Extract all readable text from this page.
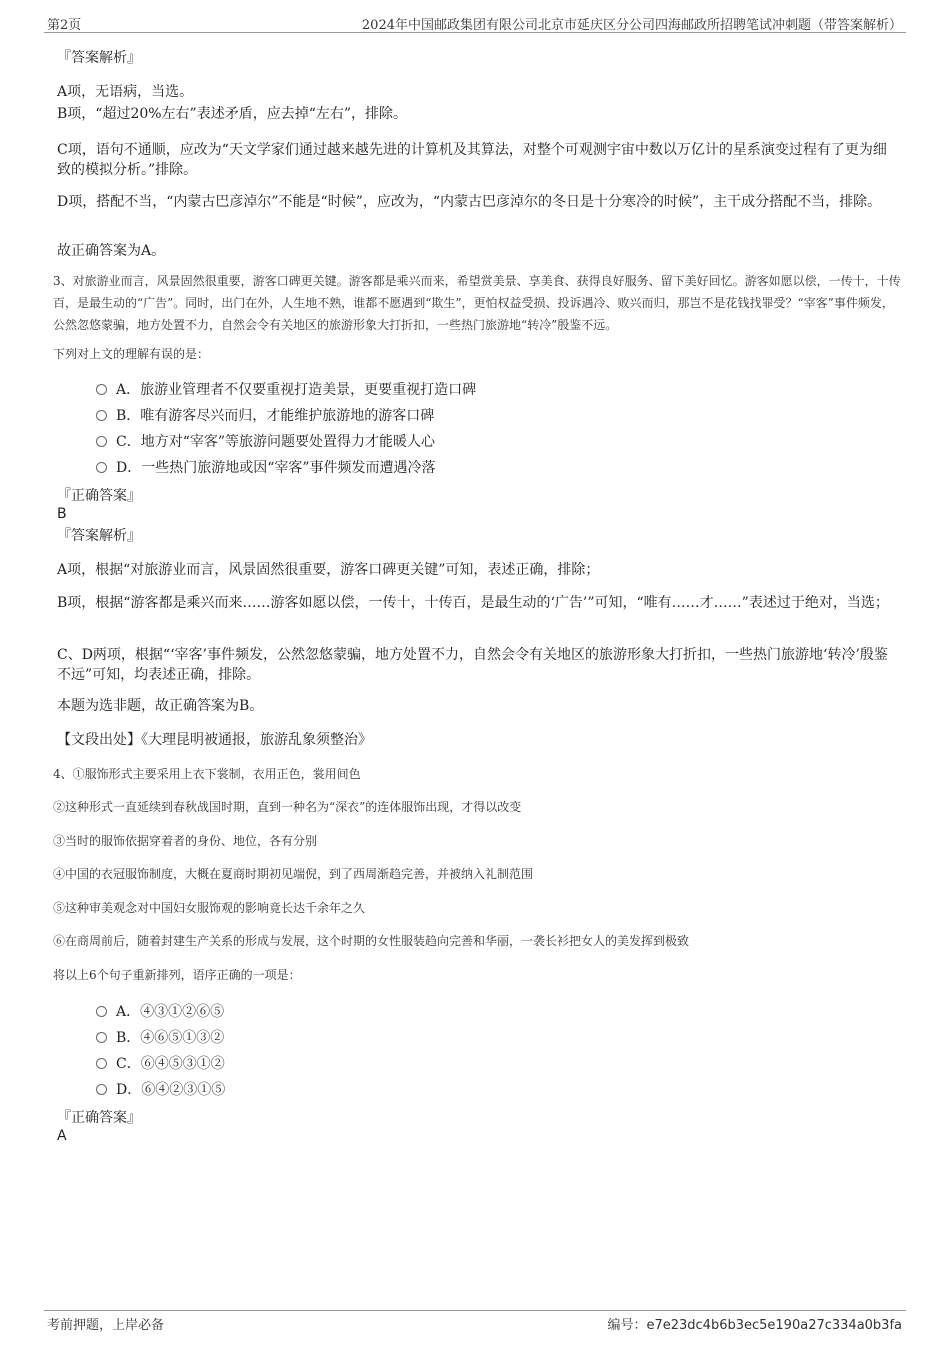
第2页	2024年中国邮政集团有限公司北京市延庆区分公司四海邮政所招聘笔试冲刺题（带答案解析）
『答案解析』
A项，无语病，当选。
B项，“超过20%左右”表述矛盾，应去掉“左右”，排除。
C项，语句不通顺，应改为“天文学家们通过越来越先进的计算机及其算法，对整个可观测宇宙中数以万亿计的星系演变过程有了更为细致的模拟分析。”排除。
D项，搭配不当，“内蒙古巴彦淖尔”不能是“时候”，应改为，“内蒙古巴彦淖尔的冬日是十分寒冷的时候”，主干成分搭配不当，排除。
故正确答案为A。
3、对旅游业而言，风景固然很重要，游客口碑更关键。游客都是乘兴而来，希望赏美景、享美食、获得良好服务、留下美好回忆。游客如愿以偿，一传十，十传百，是最生动的“广告”。同时，出门在外，人生地不熟，谁都不愿遇到“欺生”，更怕权益受损、投诉遇冷、败兴而归，那岂不是花钱找罪受？“宰客”事件频发，公然忽悠蒙骗，地方处置不力，自然会令有关地区的旅游形象大打折扣，一些热门旅游地“转冷”殷鉴不远。
下列对上文的理解有误的是：
A．旅游业管理者不仅要重视打造美景，更要重视打造口碑
B．唯有游客尽兴而归，才能维护旅游地的游客口碑
C．地方对“宰客”等旅游问题要处置得力才能暖人心
D．一些热门旅游地或因“宰客”事件频发而遭遇冷落
『正确答案』
B
『答案解析』
A项，根据“对旅游业而言，风景固然很重要，游客口碑更关键”可知，表述正确，排除；
B项，根据“游客都是乘兴而来……游客如愿以偿，一传十，十传百，是最生动的‘广告’”可知，“唯有……才……”表述过于绝对，当选；
C、D两项，根据“‘宰客’事件频发，公然忽悠蒙骗，地方处置不力，自然会令有关地区的旅游形象大打折扣，一些热门旅游地‘转冷’殷鉴不远”可知，均表述正确，排除。
本题为选非题，故正确答案为B。
【文段出处】《大理昆明被通报，旅游乱象须整治》
4、①服饰形式主要采用上衣下裳制，衣用正色，裳用间色
②这种形式一直延续到春秋战国时期，直到一种名为“深衣”的连体服饰出现，才得以改变
③当时的服饰依据穿着者的身份、地位，各有分别
④中国的衣冠服饰制度，大概在夏商时期初见端倪，到了西周渐趋完善，并被纳入礼制范围
⑤这种审美观念对中国妇女服饰观的影响竟长达千余年之久
⑥在商周前后，随着封建生产关系的形成与发展，这个时期的女性服装趋向完善和华丽，一袭长衫把女人的美发挥到极致
将以上6个句子重新排列，语序正确的一项是：
A．④③①②⑥⑤
B．④⑥⑤①③②
C．⑥④⑤③①②
D．⑥④②③①⑤
『正确答案』
A
考前押题，上岸必备	编号：e7e23dc4b6b3ec5e190a27c334a0b3fa
